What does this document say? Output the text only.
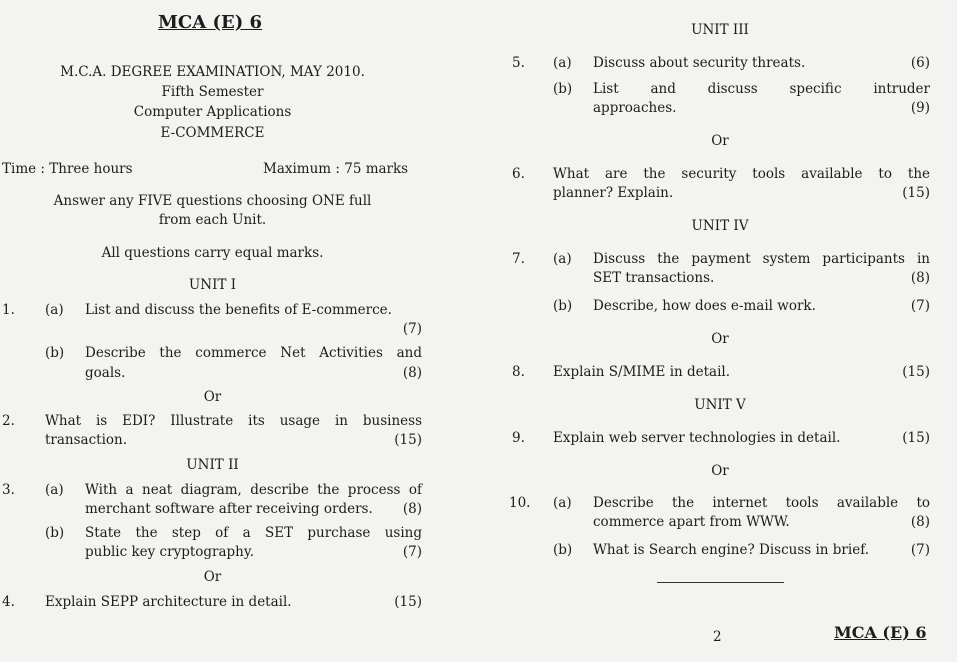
MCA (E) 6
M.C.A. DEGREE EXAMINATION, MAY 2010.
Fifth Semester
Computer Applications
E-COMMERCE
Time : Three hours	Maximum : 75 marks
Answer any FIVE questions choosing ONE full
from each Unit.
All questions carry equal marks.
UNIT I
1. (a) List and discuss the benefits of E-commerce.
(7)
(b) Describe the commerce Net Activities and
goals.	(8)
Or
2. What is EDI? Illustrate its usage in business
transaction.	(15)
UNIT II
3. (a) With a neat diagram, describe the process of
merchant software after receiving orders.	(8)
(b) State the step of a SET purchase using
public key cryptography.	(7)
Or
4. Explain SEPP architecture in detail.	(15)
UNIT III
5. (a) Discuss about security threats.	(6)
(b) List and discuss specific intruder
approaches.	(9)
Or
6. What are the security tools available to the
planner? Explain.	(15)
UNIT IV
7. (a) Discuss the payment system participants in
SET transactions.	(8)
(b) Describe, how does e-mail work.	(7)
Or
8. Explain S/MIME in detail.	(15)
UNIT V
9. Explain web server technologies in detail.	(15)
Or
10. (a) Describe the internet tools available to
commerce apart from WWW.	(8)
(b) What is Search engine? Discuss in brief.	(7)
2	MCA (E) 6
